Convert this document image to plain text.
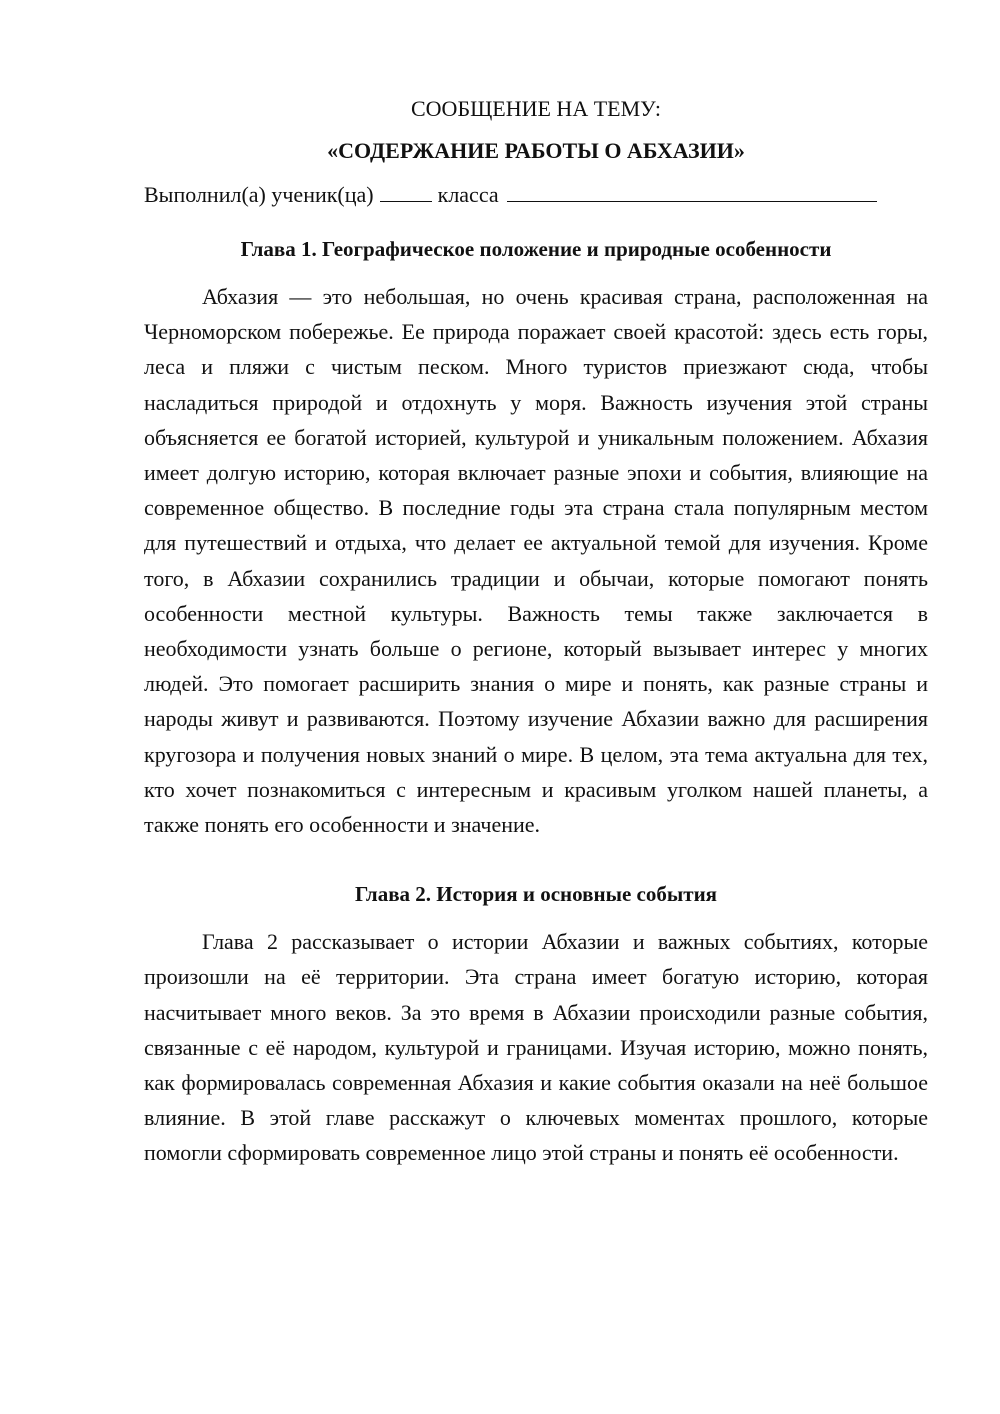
СООБЩЕНИЕ НА ТЕМУ:
«СОДЕРЖАНИЕ РАБОТЫ О АБХАЗИИ»

Выполнил(а) ученик(ца)	класса

Глава 1. Географическое положение и природные особенности

Абхазия — это небольшая, но очень красивая страна, расположенная на Черноморском побережье. Ее природа поражает своей красотой: здесь есть горы, леса и пляжи с чистым песком. Много туристов приезжают сюда, чтобы насладиться природой и отдохнуть у моря. Важность изучения этой страны объясняется ее богатой историей, культурой и уникальным положением. Абхазия имеет долгую историю, которая включает разные эпохи и события, влияющие на современное общество. В последние годы эта страна стала популярным местом для путешествий и отдыха, что делает ее актуальной темой для изучения. Кроме того, в Абхазии сохранились традиции и обычаи, которые помогают понять особенности местной культуры. Важность темы также заключается в необходимости узнать больше о регионе, который вызывает интерес у многих людей. Это помогает расширить знания о мире и понять, как разные страны и народы живут и развиваются. Поэтому изучение Абхазии важно для расширения кругозора и получения новых знаний о мире. В целом, эта тема актуальна для тех, кто хочет познакомиться с интересным и красивым уголком нашей планеты, а также понять его особенности и значение.

Глава 2. История и основные события

Глава 2 рассказывает о истории Абхазии и важных событиях, которые произошли на её территории. Эта страна имеет богатую историю, которая насчитывает много веков. За это время в Абхазии происходили разные события, связанные с её народом, культурой и границами. Изучая историю, можно понять, как формировалась современная Абхазия и какие события оказали на неё большое влияние. В этой главе расскажут о ключевых моментах прошлого, которые помогли сформировать современное лицо этой страны и понять её особенности.
